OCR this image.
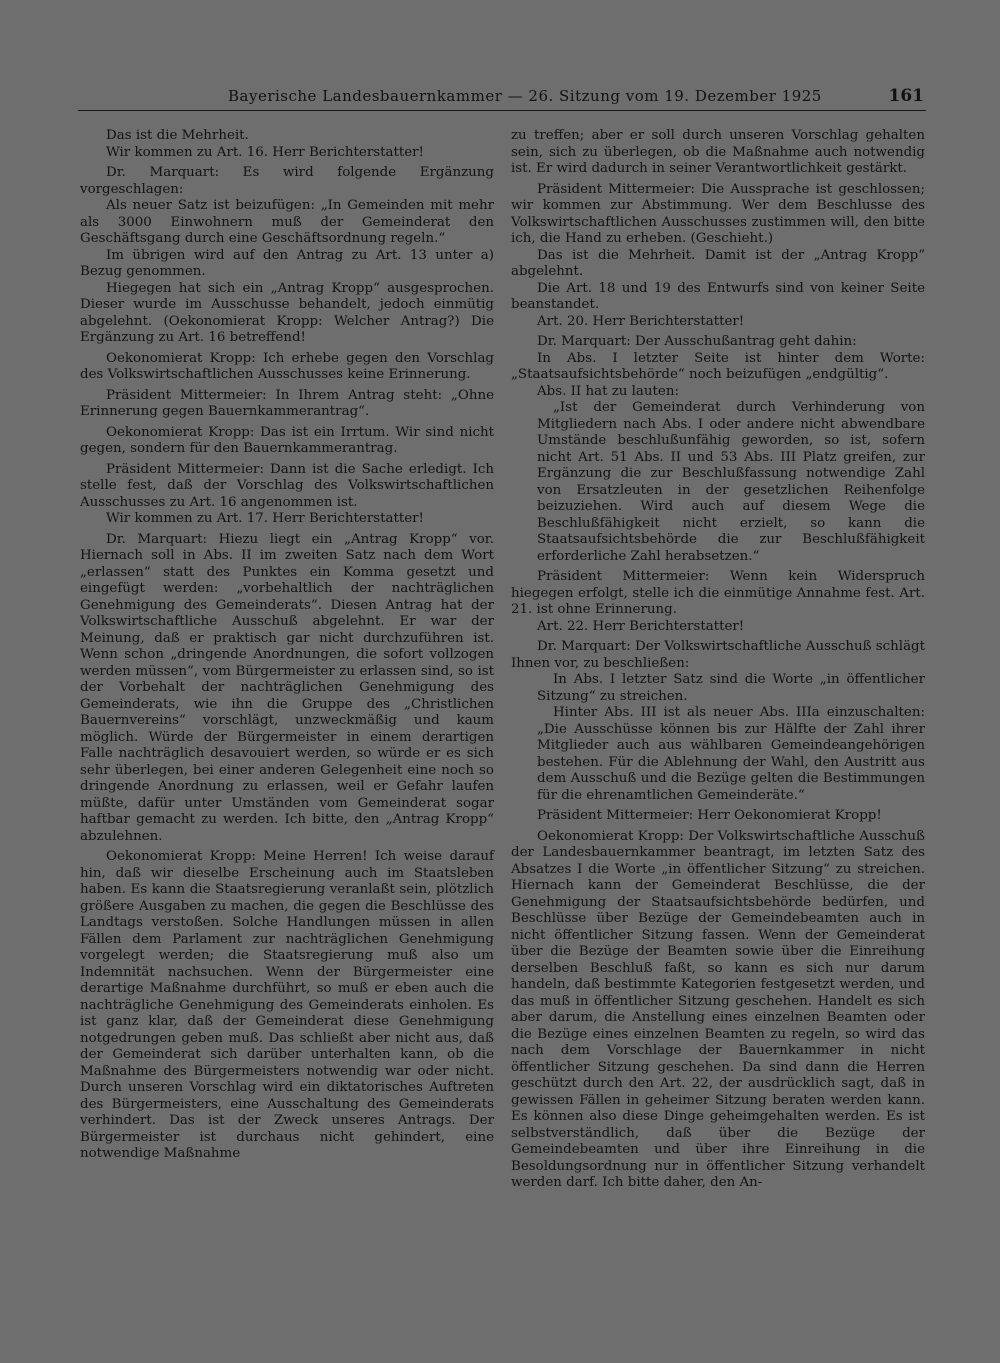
Bayerische Landesbauernkammer — 26. Sitzung vom 19. Dezember 1925	161

Das ist die Mehrheit.

Wir kommen zu Art. 16. Herr Berichterstatter!

Dr. Marquart: Es wird folgende Ergänzung vorgeschlagen:

Als neuer Satz ist beizufügen: „In Gemeinden mit mehr als 3000 Einwohnern muß der Gemeinderat den Geschäftsgang durch eine Geschäftsordnung regeln.“

Im übrigen wird auf den Antrag zu Art. 13 unter a) Bezug genommen.

Hiegegen hat sich ein „Antrag Kropp“ ausgesprochen. Dieser wurde im Ausschusse behandelt, jedoch einmütig abgelehnt. (Oekonomierat Kropp: Welcher Antrag?) Die Ergänzung zu Art. 16 betreffend!

Oekonomierat Kropp: Ich erhebe gegen den Vorschlag des Volkswirtschaftlichen Ausschusses keine Erinnerung.

Präsident Mittermeier: In Ihrem Antrag steht: „Ohne Erinnerung gegen Bauernkammerantrag“.

Oekonomierat Kropp: Das ist ein Irrtum. Wir sind nicht gegen, sondern für den Bauernkammerantrag.

Präsident Mittermeier: Dann ist die Sache erledigt. Ich stelle fest, daß der Vorschlag des Volkswirtschaftlichen Ausschusses zu Art. 16 angenommen ist.

Wir kommen zu Art. 17. Herr Berichterstatter!

Dr. Marquart: Hiezu liegt ein „Antrag Kropp“ vor. Hiernach soll in Abs. II im zweiten Satz nach dem Wort „erlassen“ statt des Punktes ein Komma gesetzt und eingefügt werden: „vorbehaltlich der nachträglichen Genehmigung des Gemeinderats“. Diesen Antrag hat der Volkswirtschaftliche Ausschuß abgelehnt. Er war der Meinung, daß er praktisch gar nicht durchzuführen ist. Wenn schon „dringende Anordnungen, die sofort vollzogen werden müssen“, vom Bürgermeister zu erlassen sind, so ist der Vorbehalt der nachträglichen Genehmigung des Gemeinderats, wie ihn die Gruppe des „Christlichen Bauernvereins“ vorschlägt, unzweckmäßig und kaum möglich. Würde der Bürgermeister in einem derartigen Falle nachträglich desavouiert werden, so würde er es sich sehr überlegen, bei einer anderen Gelegenheit eine noch so dringende Anordnung zu erlassen, weil er Gefahr laufen müßte, dafür unter Umständen vom Gemeinderat sogar haftbar gemacht zu werden. Ich bitte, den „Antrag Kropp“ abzulehnen.

Oekonomierat Kropp: Meine Herren! Ich weise darauf hin, daß wir dieselbe Erscheinung auch im Staatsleben haben. Es kann die Staatsregierung veranlaßt sein, plötzlich größere Ausgaben zu machen, die gegen die Beschlüsse des Landtags verstoßen. Solche Handlungen müssen in allen Fällen dem Parlament zur nachträglichen Genehmigung vorgelegt werden; die Staatsregierung muß also um Indemnität nachsuchen. Wenn der Bürgermeister eine derartige Maßnahme durchführt, so muß er eben auch die nachträgliche Genehmigung des Gemeinderats einholen. Es ist ganz klar, daß der Gemeinderat diese Genehmigung notgedrungen geben muß. Das schließt aber nicht aus, daß der Gemeinderat sich darüber unterhalten kann, ob die Maßnahme des Bürgermeisters notwendig war oder nicht. Durch unseren Vorschlag wird ein diktatorisches Auftreten des Bürgermeisters, eine Ausschaltung des Gemeinderats verhindert. Das ist der Zweck unseres Antrags. Der Bürgermeister ist durchaus nicht gehindert, eine notwendige Maßnahme

zu treffen; aber er soll durch unseren Vorschlag gehalten sein, sich zu überlegen, ob die Maßnahme auch notwendig ist. Er wird dadurch in seiner Verantwortlichkeit gestärkt.

Präsident Mittermeier: Die Aussprache ist geschlossen; wir kommen zur Abstimmung. Wer dem Beschlusse des Volkswirtschaftlichen Ausschusses zustimmen will, den bitte ich, die Hand zu erheben. (Geschieht.)

Das ist die Mehrheit. Damit ist der „Antrag Kropp“ abgelehnt.

Die Art. 18 und 19 des Entwurfs sind von keiner Seite beanstandet.

Art. 20. Herr Berichterstatter!

Dr. Marquart: Der Ausschußantrag geht dahin:

In Abs. I letzter Seite ist hinter dem Worte: „Staatsaufsichtsbehörde“ noch beizufügen „endgültig“.

Abs. II hat zu lauten:

„Ist der Gemeinderat durch Verhinderung von Mitgliedern nach Abs. I oder andere nicht abwendbare Umstände beschlußunfähig geworden, so ist, sofern nicht Art. 51 Abs. II und 53 Abs. III Platz greifen, zur Ergänzung die zur Beschlußfassung notwendige Zahl von Ersatzleuten in der gesetzlichen Reihenfolge beizuziehen. Wird auch auf diesem Wege die Beschlußfähigkeit nicht erzielt, so kann die Staatsaufsichtsbehörde die zur Beschlußfähigkeit erforderliche Zahl herabsetzen.“

Präsident Mittermeier: Wenn kein Widerspruch hiegegen erfolgt, stelle ich die einmütige Annahme fest. Art. 21. ist ohne Erinnerung.

Art. 22. Herr Berichterstatter!

Dr. Marquart: Der Volkswirtschaftliche Ausschuß schlägt Ihnen vor, zu beschließen:

In Abs. I letzter Satz sind die Worte „in öffentlicher Sitzung“ zu streichen.

Hinter Abs. III ist als neuer Abs. IIIa einzuschalten: „Die Ausschüsse können bis zur Hälfte der Zahl ihrer Mitglieder auch aus wählbaren Gemeindeangehörigen bestehen. Für die Ablehnung der Wahl, den Austritt aus dem Ausschuß und die Bezüge gelten die Bestimmungen für die ehrenamtlichen Gemeinderäte.“

Präsident Mittermeier: Herr Oekonomierat Kropp!

Oekonomierat Kropp: Der Volkswirtschaftliche Ausschuß der Landesbauernkammer beantragt, im letzten Satz des Absatzes I die Worte „in öffentlicher Sitzung“ zu streichen. Hiernach kann der Gemeinderat Beschlüsse, die der Genehmigung der Staatsaufsichtsbehörde bedürfen, und Beschlüsse über Bezüge der Gemeindebeamten auch in nicht öffentlicher Sitzung fassen. Wenn der Gemeinderat über die Bezüge der Beamten sowie über die Einreihung derselben Beschluß faßt, so kann es sich nur darum handeln, daß bestimmte Kategorien festgesetzt werden, und das muß in öffentlicher Sitzung geschehen. Handelt es sich aber darum, die Anstellung eines einzelnen Beamten oder die Bezüge eines einzelnen Beamten zu regeln, so wird das nach dem Vorschlage der Bauernkammer in nicht öffentlicher Sitzung geschehen. Da sind dann die Herren geschützt durch den Art. 22, der ausdrücklich sagt, daß in gewissen Fällen in geheimer Sitzung beraten werden kann. Es können also diese Dinge geheimgehalten werden. Es ist selbstverständlich, daß über die Bezüge der Gemeindebeamten und über ihre Einreihung in die Besoldungsordnung nur in öffentlicher Sitzung verhandelt werden darf. Ich bitte daher, den An-
